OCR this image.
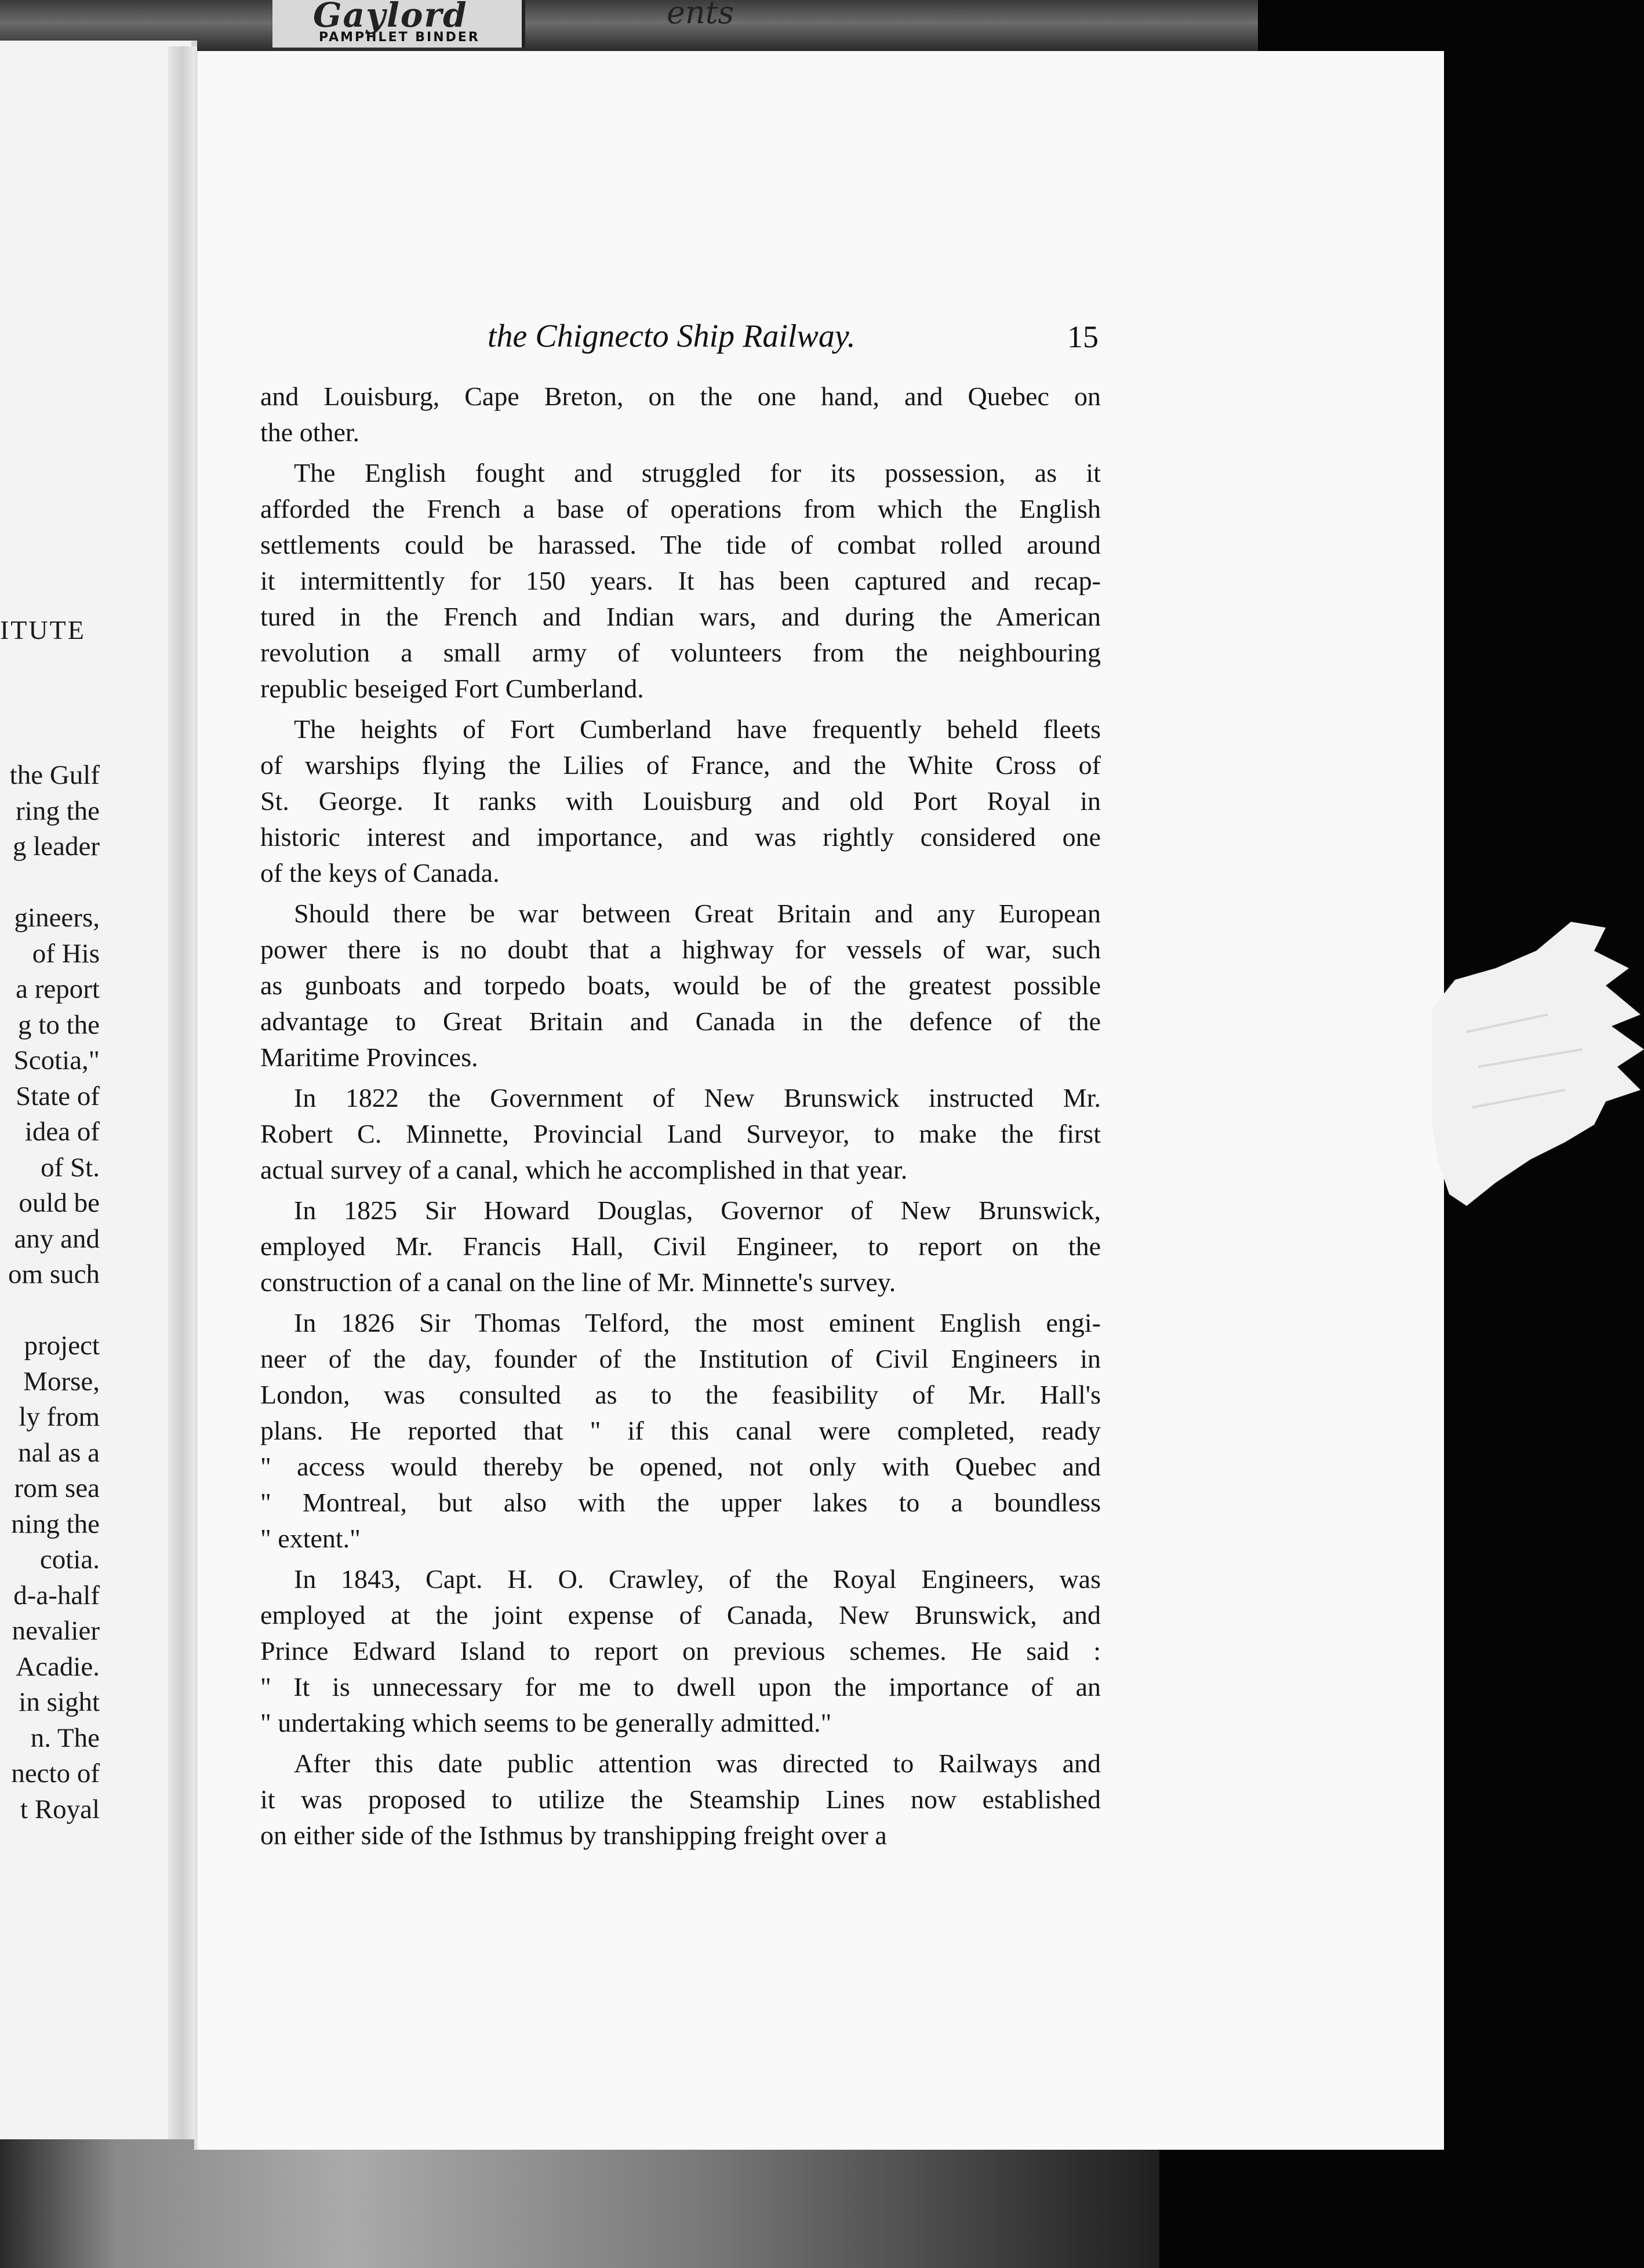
Gaylord
PAMPHLET BINDER
ents
ITUTE
the Gulf
ring the
g leader
gineers,
of His
a report
g to the
Scotia,"
State of
idea of
of St.
ould be
any and
om such
project
Morse,
ly from
nal as a
rom sea
ning the
cotia.
d-a-half
nevalier
Acadie.
in sight
n. The
necto of
t Royal
the Chignecto Ship Railway.	15
and Louisburg, Cape Breton, on the one hand, and Quebec on
the other.
The English fought and struggled for its possession, as it
afforded the French a base of operations from which the English
settlements could be harassed. The tide of combat rolled around
it intermittently for 150 years. It has been captured and recap-
tured in the French and Indian wars, and during the American
revolution a small army of volunteers from the neighbouring
republic beseiged Fort Cumberland.
The heights of Fort Cumberland have frequently beheld fleets
of warships flying the Lilies of France, and the White Cross of
St. George. It ranks with Louisburg and old Port Royal in
historic interest and importance, and was rightly considered one
of the keys of Canada.
Should there be war between Great Britain and any European
power there is no doubt that a highway for vessels of war, such
as gunboats and torpedo boats, would be of the greatest possible
advantage to Great Britain and Canada in the defence of the
Maritime Provinces.
In 1822 the Government of New Brunswick instructed Mr.
Robert C. Minnette, Provincial Land Surveyor, to make the first
actual survey of a canal, which he accomplished in that year.
In 1825 Sir Howard Douglas, Governor of New Brunswick,
employed Mr. Francis Hall, Civil Engineer, to report on the
construction of a canal on the line of Mr. Minnette's survey.
In 1826 Sir Thomas Telford, the most eminent English engi-
neer of the day, founder of the Institution of Civil Engineers in
London, was consulted as to the feasibility of Mr. Hall's
plans. He reported that " if this canal were completed, ready
" access would thereby be opened, not only with Quebec and
" Montreal, but also with the upper lakes to a boundless
" extent."
In 1843, Capt. H. O. Crawley, of the Royal Engineers, was
employed at the joint expense of Canada, New Brunswick, and
Prince Edward Island to report on previous schemes. He said :
" It is unnecessary for me to dwell upon the importance of an
" undertaking which seems to be generally admitted."
After this date public attention was directed to Railways and
it was proposed to utilize the Steamship Lines now established
on either side of the Isthmus by transhipping freight over a
